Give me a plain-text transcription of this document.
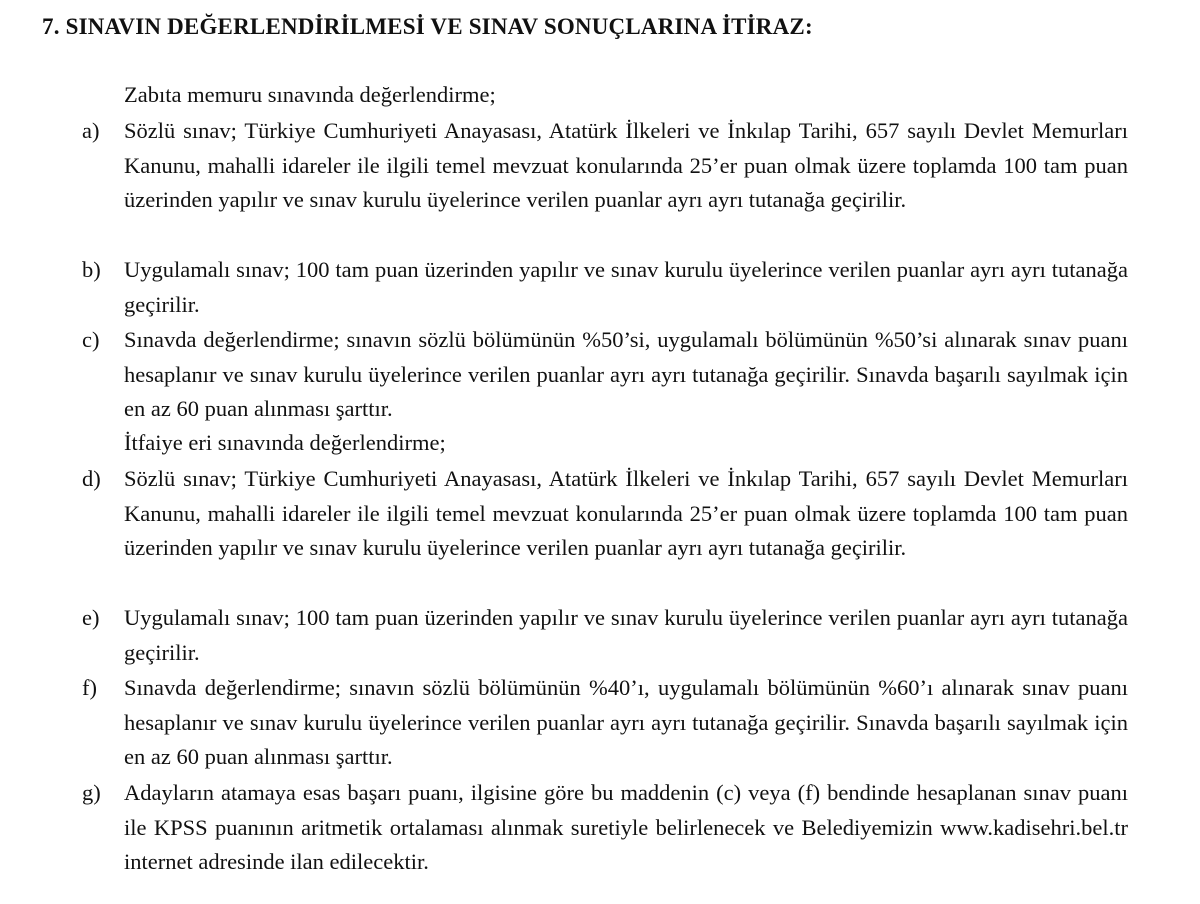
7. SINAVIN DEĞERLENDİRİLMESİ VE SINAV SONUÇLARINA İTİRAZ:
Zabıta memuru sınavında değerlendirme;
a) Sözlü sınav; Türkiye Cumhuriyeti Anayasası, Atatürk İlkeleri ve İnkılap Tarihi, 657 sayılı Devlet Memurları Kanunu, mahalli idareler ile ilgili temel mevzuat konularında 25’er puan olmak üzere toplamda 100 tam puan üzerinden yapılır ve sınav kurulu üyelerince verilen puanlar ayrı ayrı tutanağa geçirilir.
b) Uygulamalı sınav; 100 tam puan üzerinden yapılır ve sınav kurulu üyelerince verilen puanlar ayrı ayrı tutanağa geçirilir.
c) Sınavda değerlendirme; sınavın sözlü bölümünün %50’si, uygulamalı bölümünün %50’si alınarak sınav puanı hesaplanır ve sınav kurulu üyelerince verilen puanlar ayrı ayrı tutanağa geçirilir. Sınavda başarılı sayılmak için en az 60 puan alınması şarttır.
İtfaiye eri sınavında değerlendirme;
d) Sözlü sınav; Türkiye Cumhuriyeti Anayasası, Atatürk İlkeleri ve İnkılap Tarihi, 657 sayılı Devlet Memurları Kanunu, mahalli idareler ile ilgili temel mevzuat konularında 25’er puan olmak üzere toplamda 100 tam puan üzerinden yapılır ve sınav kurulu üyelerince verilen puanlar ayrı ayrı tutanağa geçirilir.
e) Uygulamalı sınav; 100 tam puan üzerinden yapılır ve sınav kurulu üyelerince verilen puanlar ayrı ayrı tutanağa geçirilir.
f) Sınavda değerlendirme; sınavın sözlü bölümünün %40’ı, uygulamalı bölümünün %60’ı alınarak sınav puanı hesaplanır ve sınav kurulu üyelerince verilen puanlar ayrı ayrı tutanağa geçirilir. Sınavda başarılı sayılmak için en az 60 puan alınması şarttır.
g) Adayların atamaya esas başarı puanı, ilgisine göre bu maddenin (c) veya (f) bendinde hesaplanan sınav puanı ile KPSS puanının aritmetik ortalaması alınmak suretiyle belirlenecek ve Belediyemizin www.kadisehri.bel.tr internet adresinde ilan edilecektir.
